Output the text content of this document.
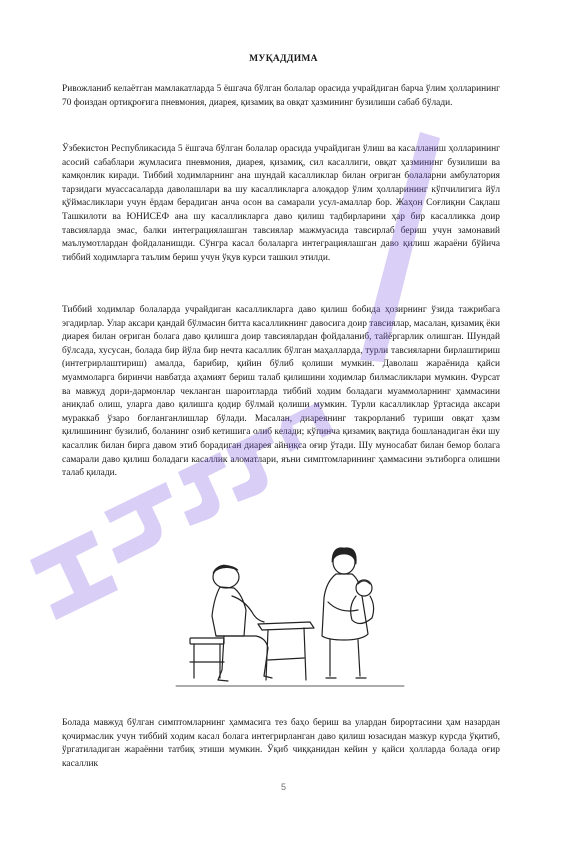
МУҚАДДИМА

Ривожланиб келаётган мамлакатларда 5 ёшгача бўлган болалар орасида учрайдиган барча ўлим ҳолларининг 70 фоиздан ортиқроғига пневмония, диарея, қизамиқ ва овқат ҳазмининг бузилиши сабаб бўлади.

Ўзбекистон Республикасида 5 ёшгача бўлган болалар орасида учрайдиган ўлиш ва касалланиш ҳолларининг асосий сабаблари жумласига пневмония, диарея, қизамиқ, сил касаллиги, овқат ҳазмининг бузилиши ва камқонлик киради. Тиббий ходимларнинг ана шундай касалликлар билан оғриган болаларни амбулатория тарзидаги муассасаларда даволашлари ва шу касалликларга алоқадор ўлим ҳолларининг кўпчилигига йўл қўймасликлари учун ёрдам берадиган анча осон ва самарали усул-амаллар бор. Жаҳон Соғлиқни Сақлаш Ташкилоти ва ЮНИСЕФ ана шу касалликларга даво қилиш тадбирларини ҳар бир касалликка доир тавсияларда эмас, балки интеграциялашган тавсиялар мажмуасида тавсирлаб бериш учун замонавий маълумотлардан фойдаланишди. Сўнгра касал болаларга интеграциялашган даво қилиш жараёни бўйича тиббий ходимларга таълим бериш учун ўқув курси ташкил этилди.

Тиббий ходимлар болаларда учрайдиган касалликларга даво қилиш бобида ҳозирнинг ўзида тажрибага эгадирлар. Улар аксари қандай бўлмасин битта касалликнинг давосига доир тавсиялар, масалан, қизамиқ ёки диарея билан оғриган болага даво қилишга доир тавсиялардан фойдаланиб, тайёргарлик олишган. Шундай бўлсада, хусусан, болада бир йўла бир нечта касаллик бўлган маҳалларда, турли тавсияларни бирлаштириш (интегрирлаштириш) амалда, барибир, қийин бўлиб қолиши мумкин. Даволаш жараёнида қайси муаммоларга биринчи навбатда аҳамият бериш талаб қилишини ходимлар билмасликлари мумкин. Фурсат ва мавжуд дори-дармонлар чекланган шароитларда тиббий ходим боладаги муаммоларнинг ҳаммасини аниқлаб олиш, уларга даво қилишга қодир бўлмай қолиши мумкин. Турли касалликлар ўртасида аксари мураккаб ўзаро боғланганлишлар бўлади. Масалан, диареянинг такрорланиб туриши овқат ҳазм қилишининг бузилиб, боланинг озиб кетишига олиб келади; кўпинча қизамиқ вақтида бошланадиган ёки шу касаллик билан бирга давом этиб борадиган диарея айниқса оғир ўтади. Шу муносабат билан бемор болага самарали даво қилиш боладаги касаллик аломатлари, яъни симптомларининг ҳаммасини эътиборга олишни талаб қилади.

Болада мавжуд бўлган симптомларнинг ҳаммасига тез баҳо бериш ва улардан бирортасини ҳам назардан қочирмаслик учун тиббий ходим касал болага интегрирланган даво қилиш юзасидан мазкур курсда ўқитиб, ўргатиладиган жараённи татбиқ этиши мумкин. Ўқиб чиққанидан кейин у қайси ҳолларда болада оғир касаллик

5
